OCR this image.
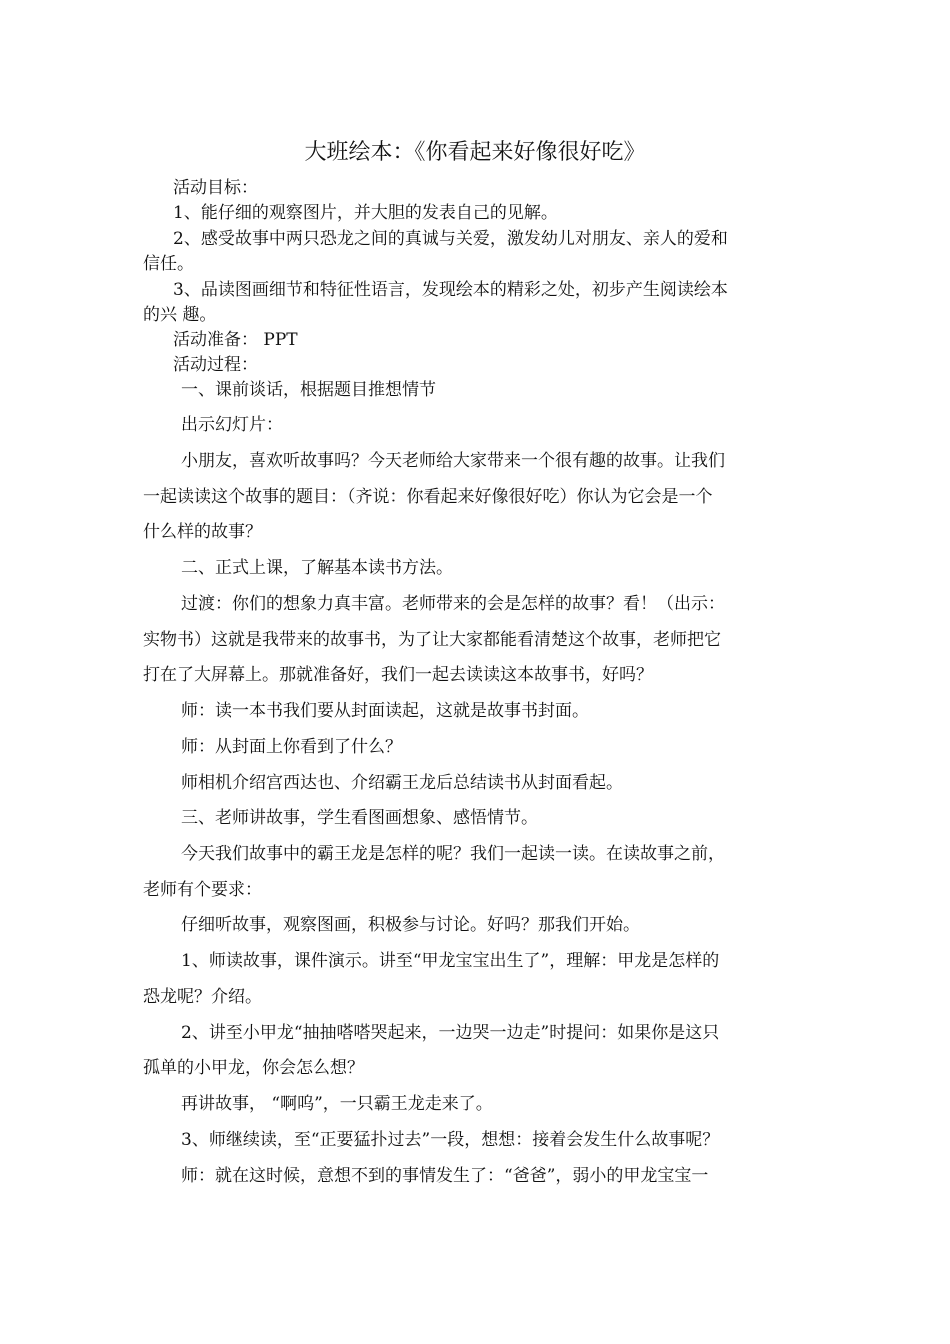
大班绘本：《你看起来好像很好吃》
活动目标：
1、能仔细的观察图片，并大胆的发表自己的见解。
2、感受故事中两只恐龙之间的真诚与关爱，激发幼儿对朋友、亲人的爱和
信任。
3、品读图画细节和特征性语言，发现绘本的精彩之处，初步产生阅读绘本
的兴 趣。
活动准备： PPT
活动过程：
一、课前谈话，根据题目推想情节
出示幻灯片：
小朋友，喜欢听故事吗？今天老师给大家带来一个很有趣的故事。让我们
一起读读这个故事的题目：（齐说：你看起来好像很好吃）你认为它会是一个
什么样的故事？
二、正式上课，了解基本读书方法。
过渡：你们的想象力真丰富。老师带来的会是怎样的故事？看！（出示：
实物书）这就是我带来的故事书，为了让大家都能看清楚这个故事，老师把它
打在了大屏幕上。那就准备好，我们一起去读读这本故事书，好吗？
师：读一本书我们要从封面读起，这就是故事书封面。
师：从封面上你看到了什么？
师相机介绍宫西达也、介绍霸王龙后总结读书从封面看起。
三、老师讲故事，学生看图画想象、感悟情节。
今天我们故事中的霸王龙是怎样的呢？我们一起读一读。在读故事之前，
老师有个要求：
仔细听故事，观察图画，积极参与讨论。好吗？那我们开始。
1、师读故事，课件演示。讲至“甲龙宝宝出生了”，理解：甲龙是怎样的
恐龙呢？介绍。
2、讲至小甲龙“抽抽嗒嗒哭起来，一边哭一边走”时提问：如果你是这只
孤单的小甲龙，你会怎么想？
再讲故事， “啊呜”，一只霸王龙走来了。
3、师继续读，至“正要猛扑过去”一段，想想：接着会发生什么故事呢？
师：就在这时候，意想不到的事情发生了：“爸爸”，弱小的甲龙宝宝一
